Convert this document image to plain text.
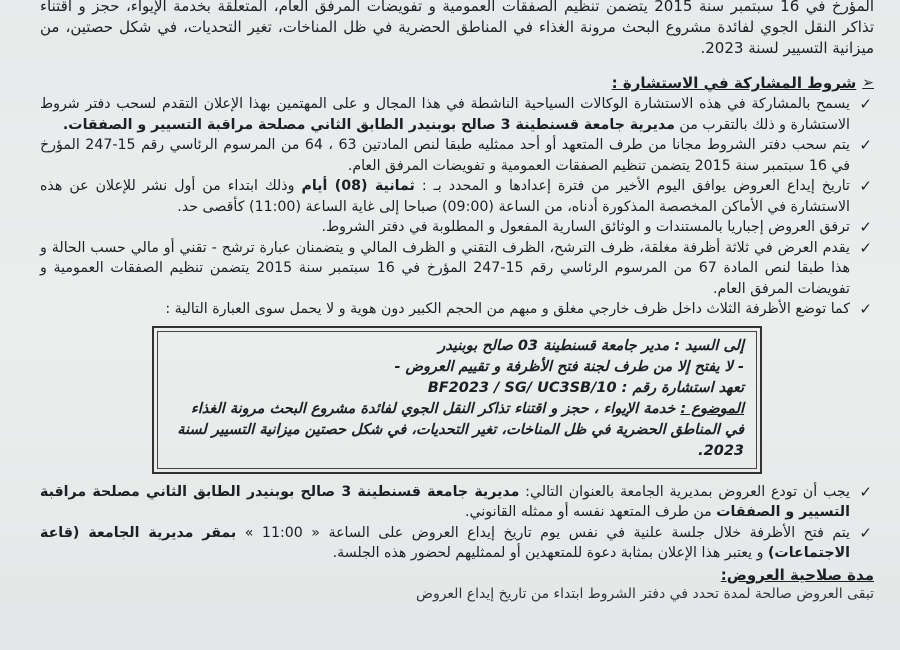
المؤرخ في 16 سبتمبر سنة 2015 يتضمن تنظيم الصفقات العمومية و تفويضات المرفق العام، المتعلقة بخدمة الإيواء، حجز و اقتناء تذاكر النقل الجوي لفائدة مشروع البحث مرونة الغذاء في المناطق الحضرية في ظل المناخات، تغير التحديات، في شكل حصتين، من ميزانية التسيير لسنة 2023.

➢
شروط المشاركة في الاستشارة :
✓
يسمح بالمشاركة في هذه الاستشارة الوكالات السياحية الناشطة في هذا المجال و على المهتمين بهذا الإعلان التقدم لسحب دفتر شروط الاستشارة و ذلك بالتقرب من مديرية جامعة قسنطينة 3 صالح بوبنيدر الطابق الثاني مصلحة مراقبة التسيير و الصفقات.
✓
يتم سحب دفتر الشروط مجانا من طرف المتعهد أو أحد ممثليه طبقا لنص المادتين 63 ، 64 من المرسوم الرئاسي رقم 15-247 المؤرخ في 16 سبتمبر سنة 2015 يتضمن تنظيم الصفقات العمومية و تفويضات المرفق العام.
✓
تاريخ إيداع العروض يوافق اليوم الأخير من فترة إعدادها و المحدد بـ : ثمانية (08) أيام وذلك ابتداء من أول نشر للإعلان عن هذه الاستشارة في الأماكن المخصصة المذكورة أدناه، من الساعة (09:00) صباحا إلى غاية الساعة (11:00) كأقصى حد.
✓
ترفق العروض إجباريا بالمستندات و الوثائق السارية المفعول و المطلوبة في دفتر الشروط.
✓
يقدم العرض في ثلاثة أظرفة مغلقة، ظرف الترشح، الظرف التقني و الظرف المالي و يتضمنان عبارة ترشح - تقني أو مالي حسب الحالة و هذا طبقا لنص المادة 67 من المرسوم الرئاسي رقم 15-247 المؤرخ في 16 سبتمبر سنة 2015 يتضمن تنظيم الصفقات العمومية و تفويضات المرفق العام.
✓
كما توضع الأظرفة الثلاث داخل ظرف خارجي مغلق و مبهم من الحجم الكبير دون هوية و لا يحمل سوى العبارة التالية :
إلى السيد : مدير جامعة قسنطينة 03 صالح بوبنيدر
- لا يفتح إلا من طرف لجنة فتح الأظرفة و تقييم العروض -
تعهد استشارة رقم : BF2023 / SG/ UC3SB/10
الموضوع : خدمة الإيواء ، حجز و اقتناء تذاكر النقل الجوي لفائدة مشروع البحث مرونة الغذاء في المناطق الحضرية في ظل المناخات، تغير التحديات، في شكل حصتين ميزانية التسيير لسنة 2023.
✓
يجب أن تودع العروض بمديرية الجامعة بالعنوان التالي: مديرية جامعة قسنطينة 3 صالح بوبنيدر الطابق الثاني مصلحة مراقبة التسيير و الصفقات من طرف المتعهد نفسه أو ممثله القانوني.
✓
يتم فتح الأظرفة خلال جلسة علنية في نفس يوم تاريخ إيداع العروض على الساعة « 11:00 » بمقر مديرية الجامعة (قاعة الاجتماعات) و يعتبر هذا الإعلان بمثابة دعوة للمتعهدين أو لممثليهم لحضور هذه الجلسة.
مدة صلاحية العروض:
تبقى العروض صالحة لمدة تحدد في دفتر الشروط ابتداء من تاريخ إيداع العروض
